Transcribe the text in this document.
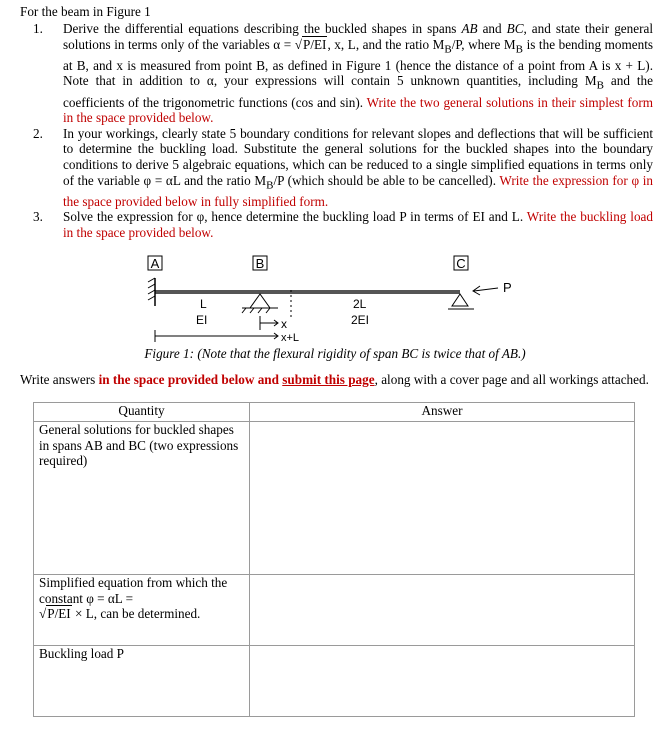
For the beam in Figure 1
1. Derive the differential equations describing the buckled shapes in spans AB and BC, and state their general solutions in terms only of the variables α = √P/EI, x, L, and the ratio $M_B/P$, where $M_B$ is the bending moments at B, and x is measured from point B, as defined in Figure 1 (hence the distance of a point from A is x + L). Note that in addition to α, your expressions will contain 5 unknown quantities, including $M_B$ and the coefficients of the trigonometric functions (cos and sin). Write the two general solutions in their simplest form in the space provided below.
2. In your workings, clearly state 5 boundary conditions for relevant slopes and deflections that will be sufficient to determine the buckling load. Substitute the general solutions for the buckled shapes into the boundary conditions to derive 5 algebraic equations, which can be reduced to a single simplified equations in terms only of the variable φ = αL and the ratio $M_B/P$ (which should be able to be cancelled). Write the expression for φ in the space provided below in fully simplified form.
3. Solve the expression for φ, hence determine the buckling load P in terms of EI and L. Write the buckling load in the space provided below.
A	B	C
P
L
EI
2L
2EI
x
x+L
Figure 1: (Note that the flexural rigidity of span BC is twice that of AB.)
Write answers in the space provided below and submit this page, along with a cover page and all workings attached.
Quantity	Answer
General solutions for buckled shapes in spans AB and BC (two expressions required)	
Simplified equation from which the constant φ = αL =
√P/EI × L, can be determined.	
Buckling load P	
